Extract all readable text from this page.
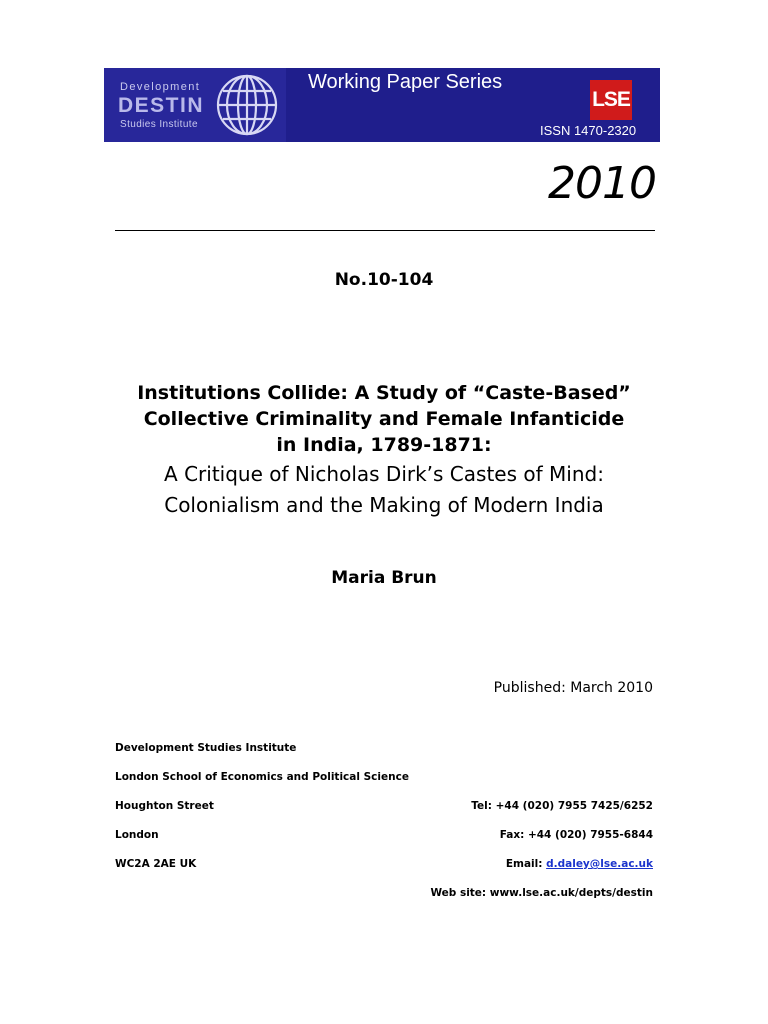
Development
DESTIN
Studies Institute
Working Paper Series
LSE
ISSN 1470-2320
2010
No.10-104
Institutions Collide: A Study of “Caste-Based”
Collective Criminality and Female Infanticide
in India, 1789-1871:
A Critique of Nicholas Dirk’s Castes of Mind:
Colonialism and the Making of Modern India
Maria Brun
Published: March 2010
Development Studies Institute
London School of Economics and Political Science
Houghton Street
London
WC2A 2AE UK
Tel: +44 (020) 7955 7425/6252
Fax: +44 (020) 7955-6844
Email: d.daley@lse.ac.uk
Web site: www.lse.ac.uk/depts/destin
